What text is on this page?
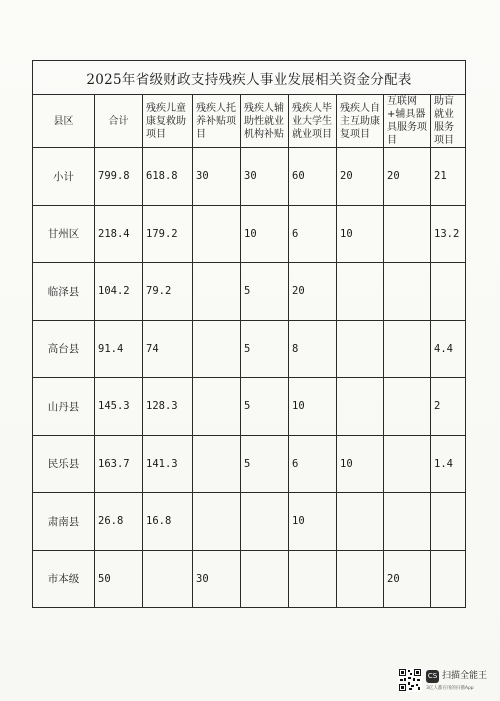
2025年省级财政支持残疾人事业发展相关资金分配表								
县区	合计	残疾儿童康复救助项目	残疾人托养补贴项目	残疾人辅助性就业机构补贴	残疾人毕业大学生就业项目	残疾人自主互助康复项目	互联网+辅具器具服务项目	助盲就业服务项目
小计	799.8	618.8	30	30	60	20	20	21
甘州区	218.4	179.2		10	6	10		13.2
临泽县	104.2	79.2		5	20			
高台县	91.4	74		5	8			4.4
山丹县	145.3	128.3		5	10			2
民乐县	163.7	141.3		5	6	10		1.4
肃南县	26.8	16.8			10			
市本级	50		30				20	
CS 扫描全能王
3亿人都在用的扫描App
